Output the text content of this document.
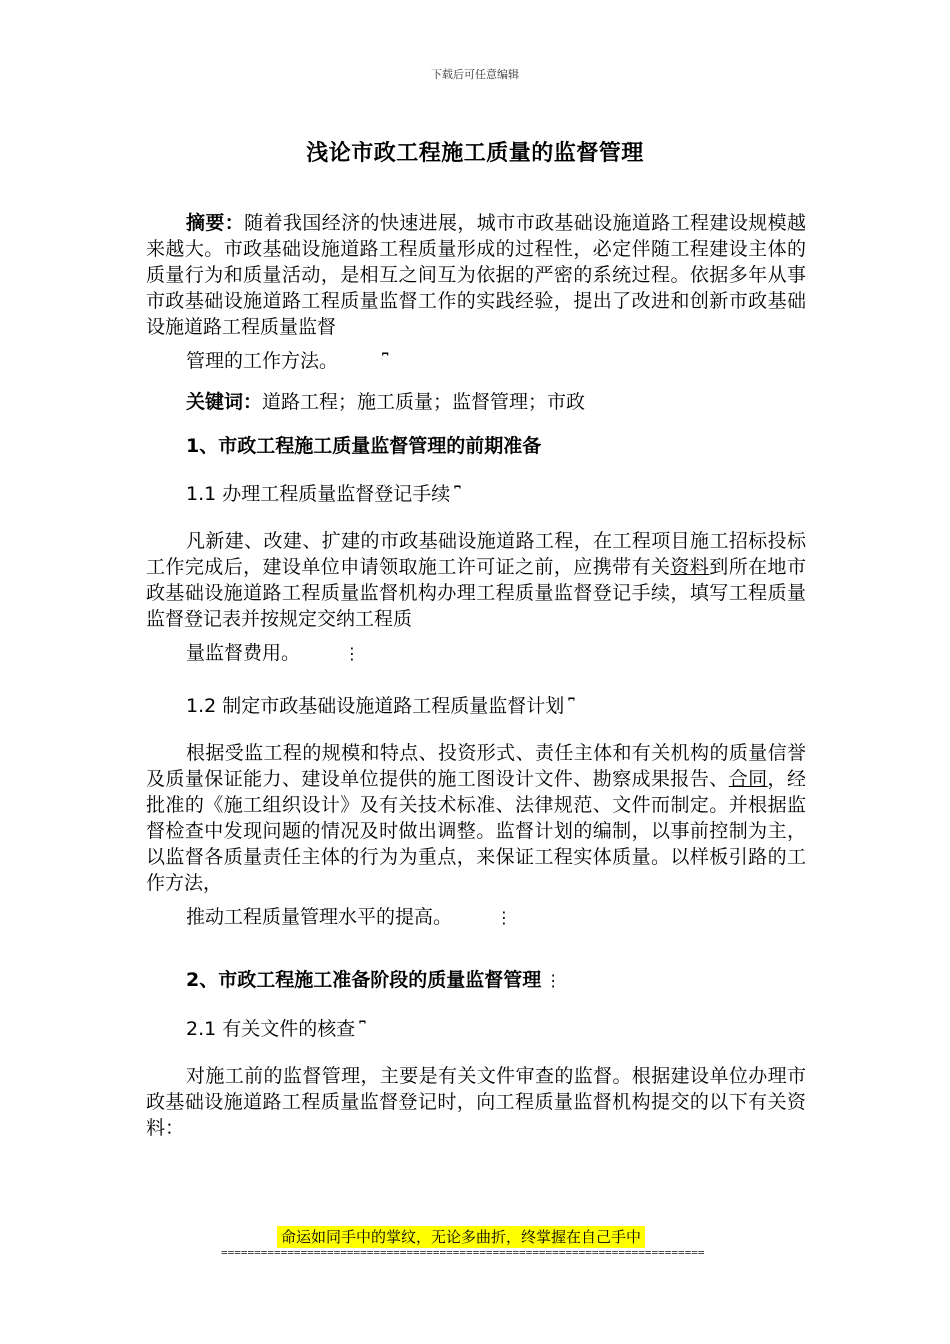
下载后可任意编辑
浅论市政工程施工质量的监督管理

摘要：随着我国经济的快速进展，城市市政基础设施道路工程建设规模越来越大。市政基础设施道路工程质量形成的过程性，必定伴随工程建设主体的质量行为和质量活动，是相互之间互为依据的严密的系统过程。依据多年从事市政基础设施道路工程质量监督工作的实践经验，提出了改进和创新市政基础设施道路工程质量监督
管理的工作方法。	⎴

关键词：道路工程；施工质量；监督管理；市政

1、市政工程施工质量监督管理的前期准备

1.1 办理工程质量监督登记手续 ⎴

凡新建、改建、扩建的市政基础设施道路工程，在工程项目施工招标投标工作完成后，建设单位申请领取施工许可证之前，应携带有关资料到所在地市政基础设施道路工程质量监督机构办理工程质量监督登记手续，填写工程质量监督登记表并按规定交纳工程质
量监督费用。	⋮

1.2 制定市政基础设施道路工程质量监督计划 ⎴

根据受监工程的规模和特点、投资形式、责任主体和有关机构的质量信誉及质量保证能力、建设单位提供的施工图设计文件、勘察成果报告、合同，经批准的《施工组织设计》及有关技术标准、法律规范、文件而制定。并根据监督检查中发现问题的情况及时做出调整。监督计划的编制，以事前控制为主，以监督各质量责任主体的行为为重点，来保证工程实体质量。以样板引路的工作方法，
推动工程质量管理水平的提高。	⋮

2、市政工程施工准备阶段的质量监督管理 ⋮

2.1 有关文件的核查 ⎴

对施工前的监督管理，主要是有关文件审查的监督。根据建设单位办理市政基础设施道路工程质量监督登记时，向工程质量监督机构提交的以下有关资料：

命运如同手中的掌纹，无论多曲折，终掌握在自己手中
=========================================================================
